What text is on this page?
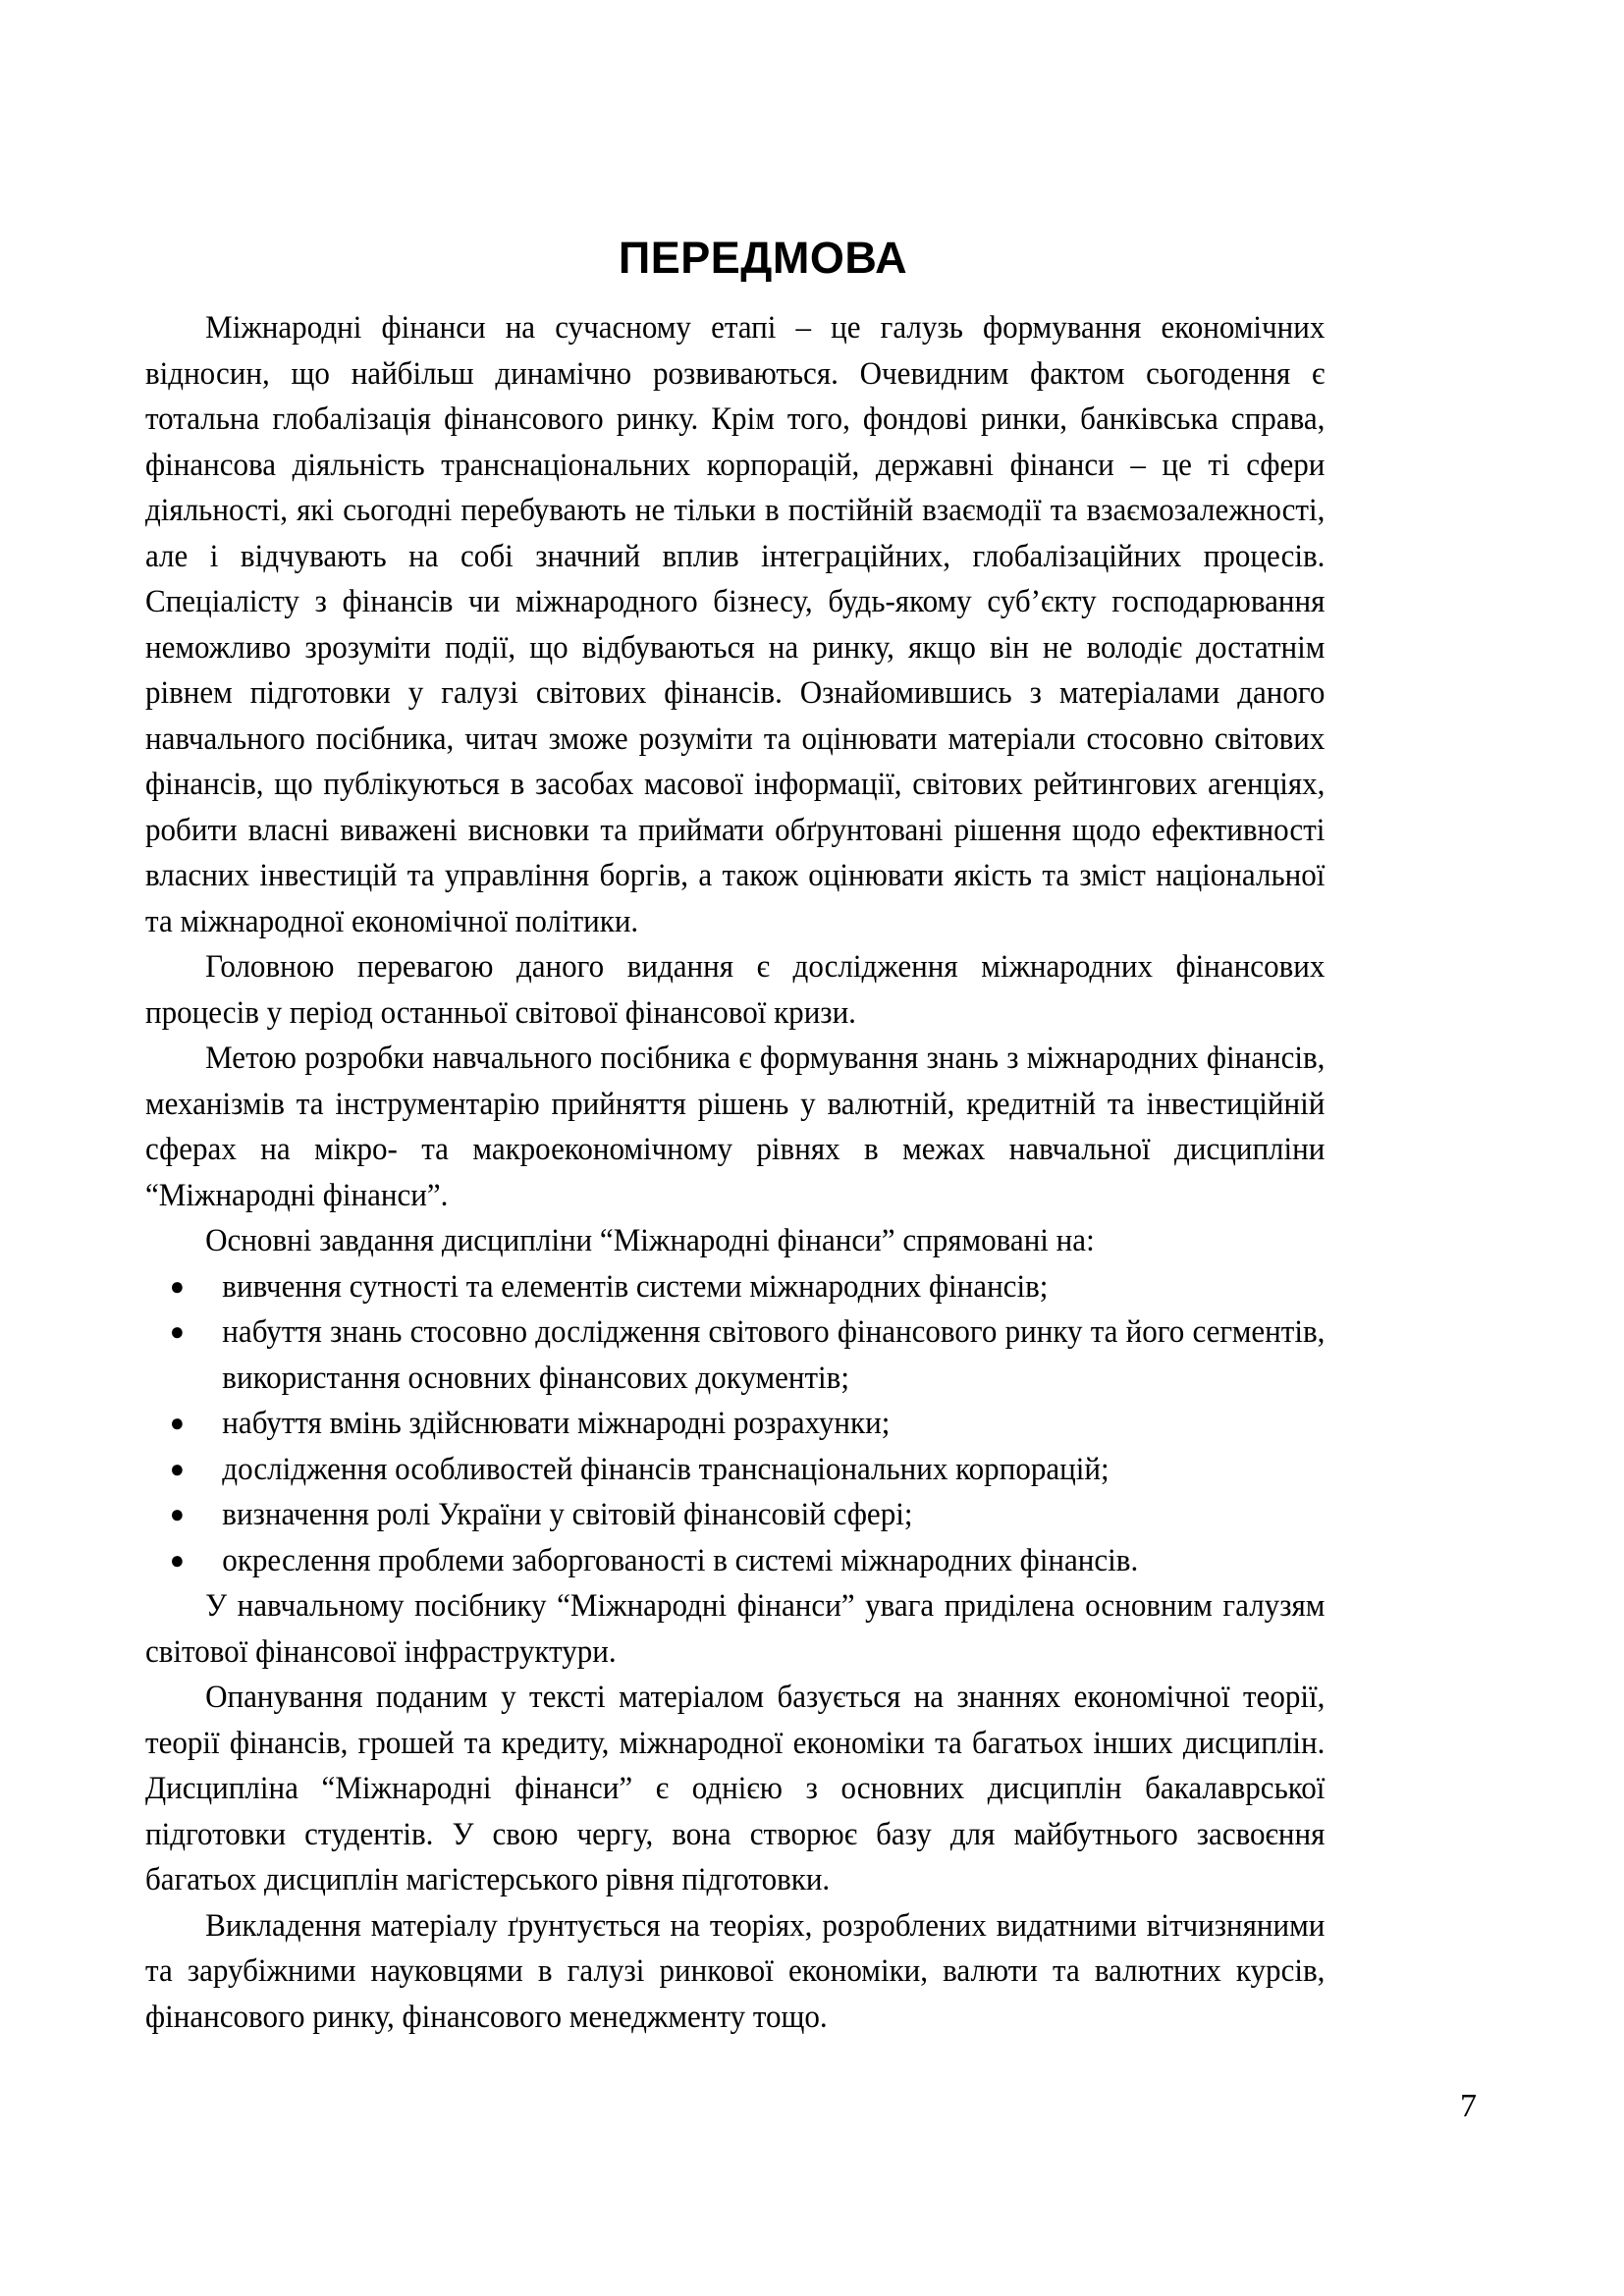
ПЕРЕДМОВА

Міжнародні фінанси на сучасному етапі – це галузь формування економічних відносин, що найбільш динамічно розвиваються. Очевидним фактом сьогодення є тотальна глобалізація фінансового ринку. Крім того, фондові ринки, банківська справа, фінансова діяльність транснаціональних корпорацій, державні фінанси – це ті сфери діяльності, які сьогодні перебувають не тільки в постійній взаємодії та взаємозалежності, але і відчувають на собі значний вплив інтеграційних, глобалізаційних процесів. Спеціалісту з фінансів чи міжнародного бізнесу, будь-якому суб’єкту господарювання неможливо зрозуміти події, що відбуваються на ринку, якщо він не володіє достатнім рівнем підготовки у галузі світових фінансів. Ознайомившись з матеріалами даного навчального посібника, читач зможе розуміти та оцінювати матеріали стосовно світових фінансів, що публікуються в засобах масової інформації, світових рейтингових агенціях, робити власні виважені висновки та приймати обґрунтовані рішення щодо ефективності власних інвестицій та управління боргів, а також оцінювати якість та зміст національної та міжнародної економічної політики.

Головною перевагою даного видання є дослідження міжнародних фінансових процесів у період останньої світової фінансової кризи.

Метою розробки навчального посібника є формування знань з міжнародних фінансів, механізмів та інструментарію прийняття рішень у валютній, кредитній та інвестиційній сферах на мікро- та макроекономічному рівнях в межах навчальної дисципліни “Міжнародні фінанси”.

Основні завдання дисципліни “Міжнародні фінанси” спрямовані на:

● вивчення сутності та елементів системи міжнародних фінансів;
● набуття знань стосовно дослідження світового фінансового ринку та його сегментів, використання основних фінансових документів;
● набуття вмінь здійснювати міжнародні розрахунки;
● дослідження особливостей фінансів транснаціональних корпорацій;
● визначення ролі України у світовій фінансовій сфері;
● окреслення проблеми заборгованості в системі міжнародних фінансів.

У навчальному посібнику “Міжнародні фінанси” увага приділена основним галузям світової фінансової інфраструктури.

Опанування поданим у тексті матеріалом базується на знаннях економічної теорії, теорії фінансів, грошей та кредиту, міжнародної економіки та багатьох інших дисциплін. Дисципліна “Міжнародні фінанси” є однією з основних дисциплін бакалаврської підготовки студентів. У свою чергу, вона створює базу для майбутнього засвоєння багатьох дисциплін магістерського рівня підготовки.

Викладення матеріалу ґрунтується на теоріях, розроблених видатними вітчизняними та зарубіжними науковцями в галузі ринкової економіки, валюти та валютних курсів, фінансового ринку, фінансового менеджменту тощо.

7
